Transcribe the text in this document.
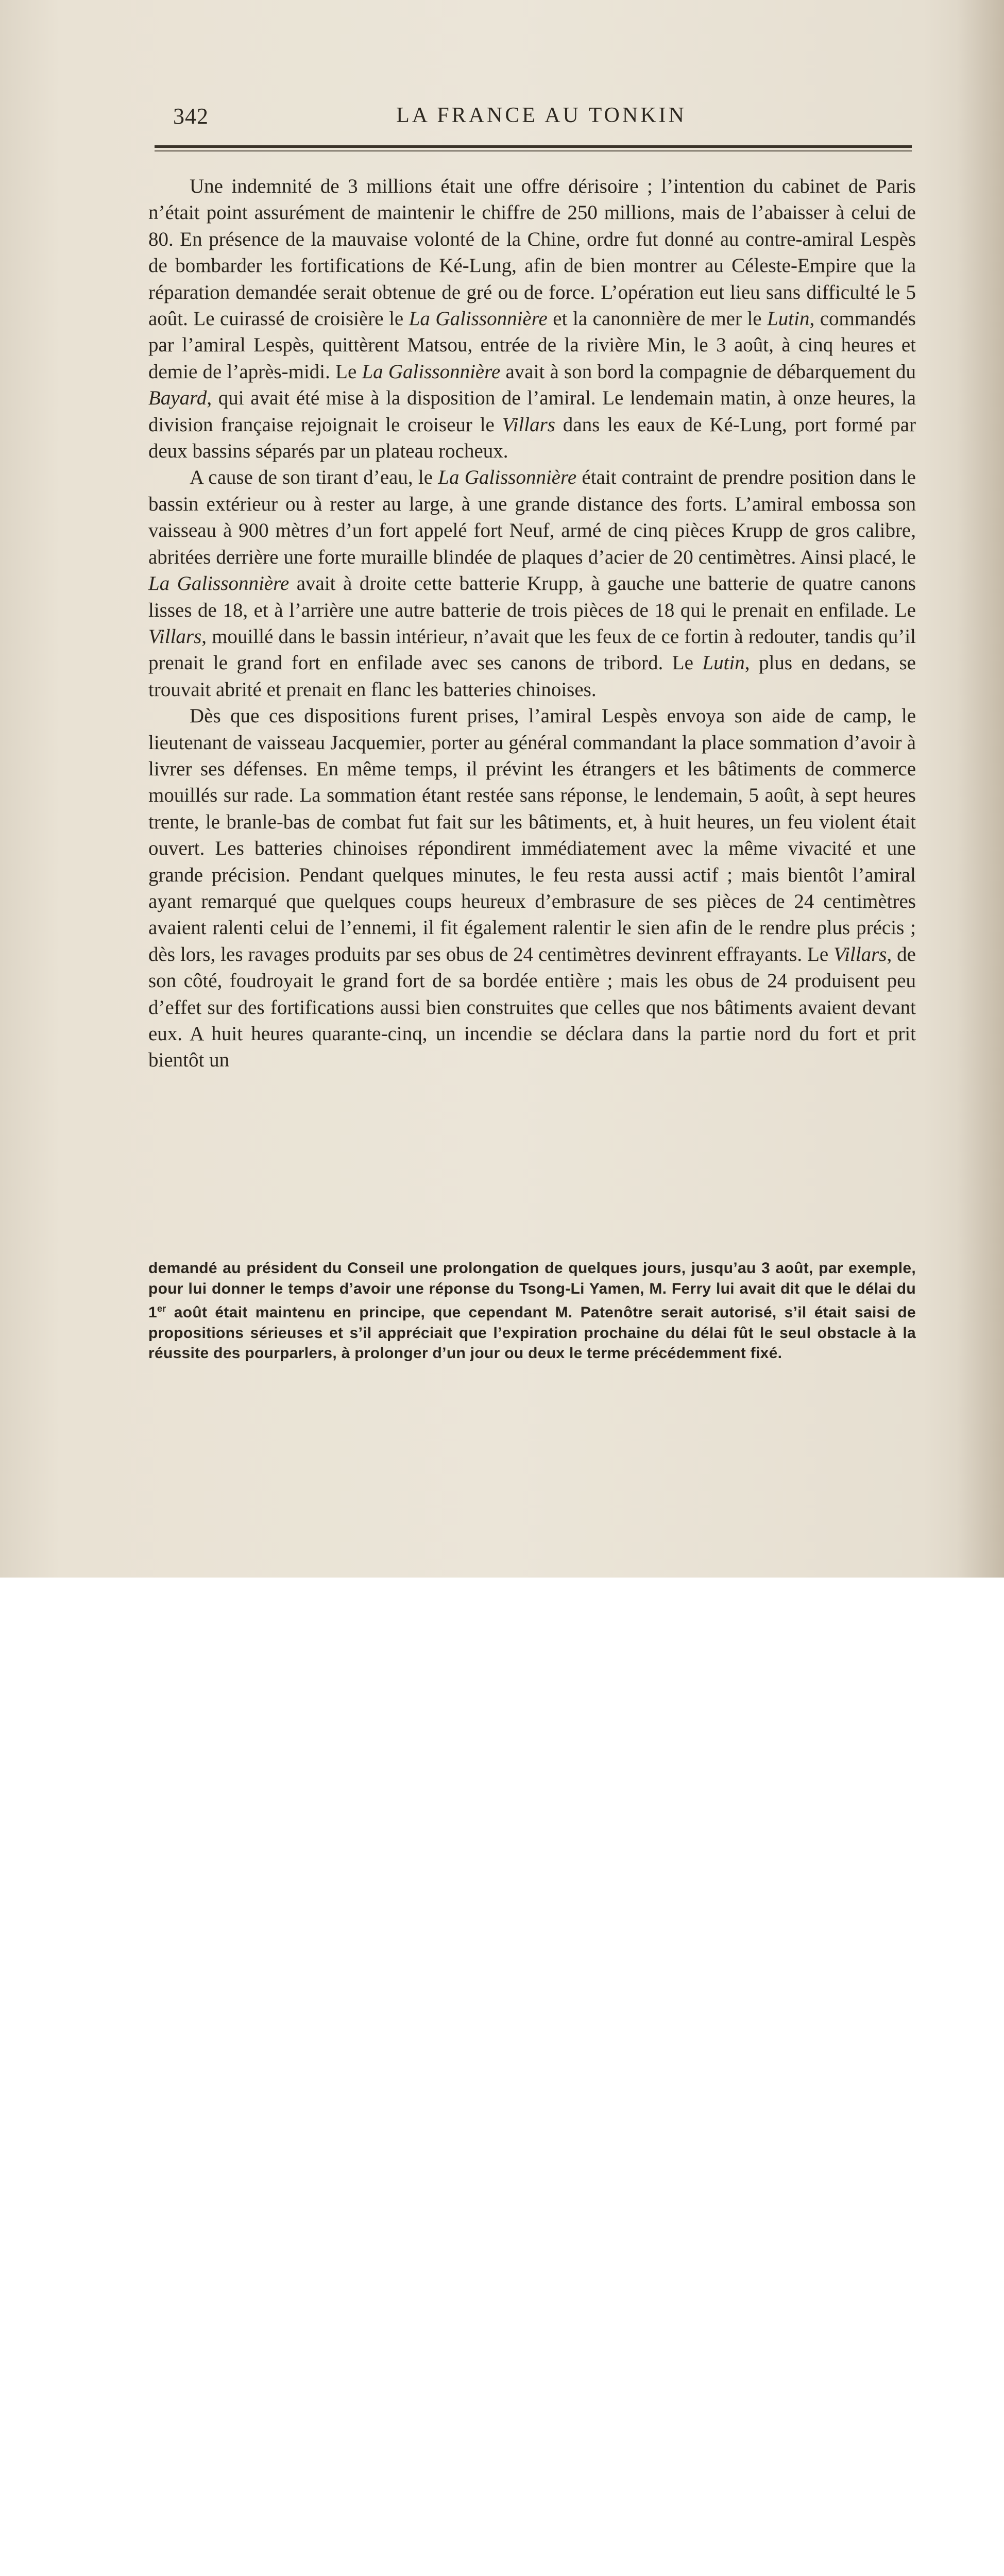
342	LA FRANCE AU TONKIN

Une indemnité de 3 millions était une offre dérisoire ; l’intention du cabinet de Paris n’était point assurément de maintenir le chiffre de 250 millions, mais de l’abaisser à celui de 80. En présence de la mauvaise volonté de la Chine, ordre fut donné au contre-amiral Lespès de bombarder les fortifications de Ké-Lung, afin de bien montrer au Céleste-Empire que la réparation demandée serait obtenue de gré ou de force. L’opération eut lieu sans difficulté le 5 août. Le cuirassé de croisière le La Galissonnière et la canonnière de mer le Lutin, commandés par l’amiral Lespès, quittèrent Matsou, entrée de la rivière Min, le 3 août, à cinq heures et demie de l’après-midi. Le La Galissonnière avait à son bord la compagnie de débarquement du Bayard, qui avait été mise à la disposition de l’amiral. Le lendemain matin, à onze heures, la division française rejoignait le croiseur le Villars dans les eaux de Ké-Lung, port formé par deux bassins séparés par un plateau rocheux.

A cause de son tirant d’eau, le La Galissonnière était contraint de prendre position dans le bassin extérieur ou à rester au large, à une grande distance des forts. L’amiral embossa son vaisseau à 900 mètres d’un fort appelé fort Neuf, armé de cinq pièces Krupp de gros calibre, abritées derrière une forte muraille blindée de plaques d’acier de 20 centimètres. Ainsi placé, le La Galissonnière avait à droite cette batterie Krupp, à gauche une batterie de quatre canons lisses de 18, et à l’arrière une autre batterie de trois pièces de 18 qui le prenait en enfilade. Le Villars, mouillé dans le bassin intérieur, n’avait que les feux de ce fortin à redouter, tandis qu’il prenait le grand fort en enfilade avec ses canons de tribord. Le Lutin, plus en dedans, se trouvait abrité et prenait en flanc les batteries chinoises.

Dès que ces dispositions furent prises, l’amiral Lespès envoya son aide de camp, le lieutenant de vaisseau Jacquemier, porter au général commandant la place sommation d’avoir à livrer ses défenses. En même temps, il prévint les étrangers et les bâtiments de commerce mouillés sur rade. La sommation étant restée sans réponse, le lendemain, 5 août, à sept heures trente, le branle-bas de combat fut fait sur les bâtiments, et, à huit heures, un feu violent était ouvert. Les batteries chinoises répondirent immédiatement avec la même vivacité et une grande précision. Pendant quelques minutes, le feu resta aussi actif ; mais bientôt l’amiral ayant remarqué que quelques coups heureux d’embrasure de ses pièces de 24 centimètres avaient ralenti celui de l’ennemi, il fit également ralentir le sien afin de le rendre plus précis ; dès lors, les ravages produits par ses obus de 24 centimètres devinrent effrayants. Le Villars, de son côté, foudroyait le grand fort de sa bordée entière ; mais les obus de 24 produisent peu d’effet sur des fortifications aussi bien construites que celles que nos bâtiments avaient devant eux. A huit heures quarante-cinq, un incendie se déclara dans la partie nord du fort et prit bientôt un

demandé au président du Conseil une prolongation de quelques jours, jusqu’au 3 août, par exemple, pour lui donner le temps d’avoir une réponse du Tsong-Li Yamen, M. Ferry lui avait dit que le délai du 1er août était maintenu en principe, que cependant M. Patenôtre serait autorisé, s’il était saisi de propositions sérieuses et s’il appréciait que l’expiration prochaine du délai fût le seul obstacle à la réussite des pourparlers, à prolonger d’un jour ou deux le terme précédemment fixé.
